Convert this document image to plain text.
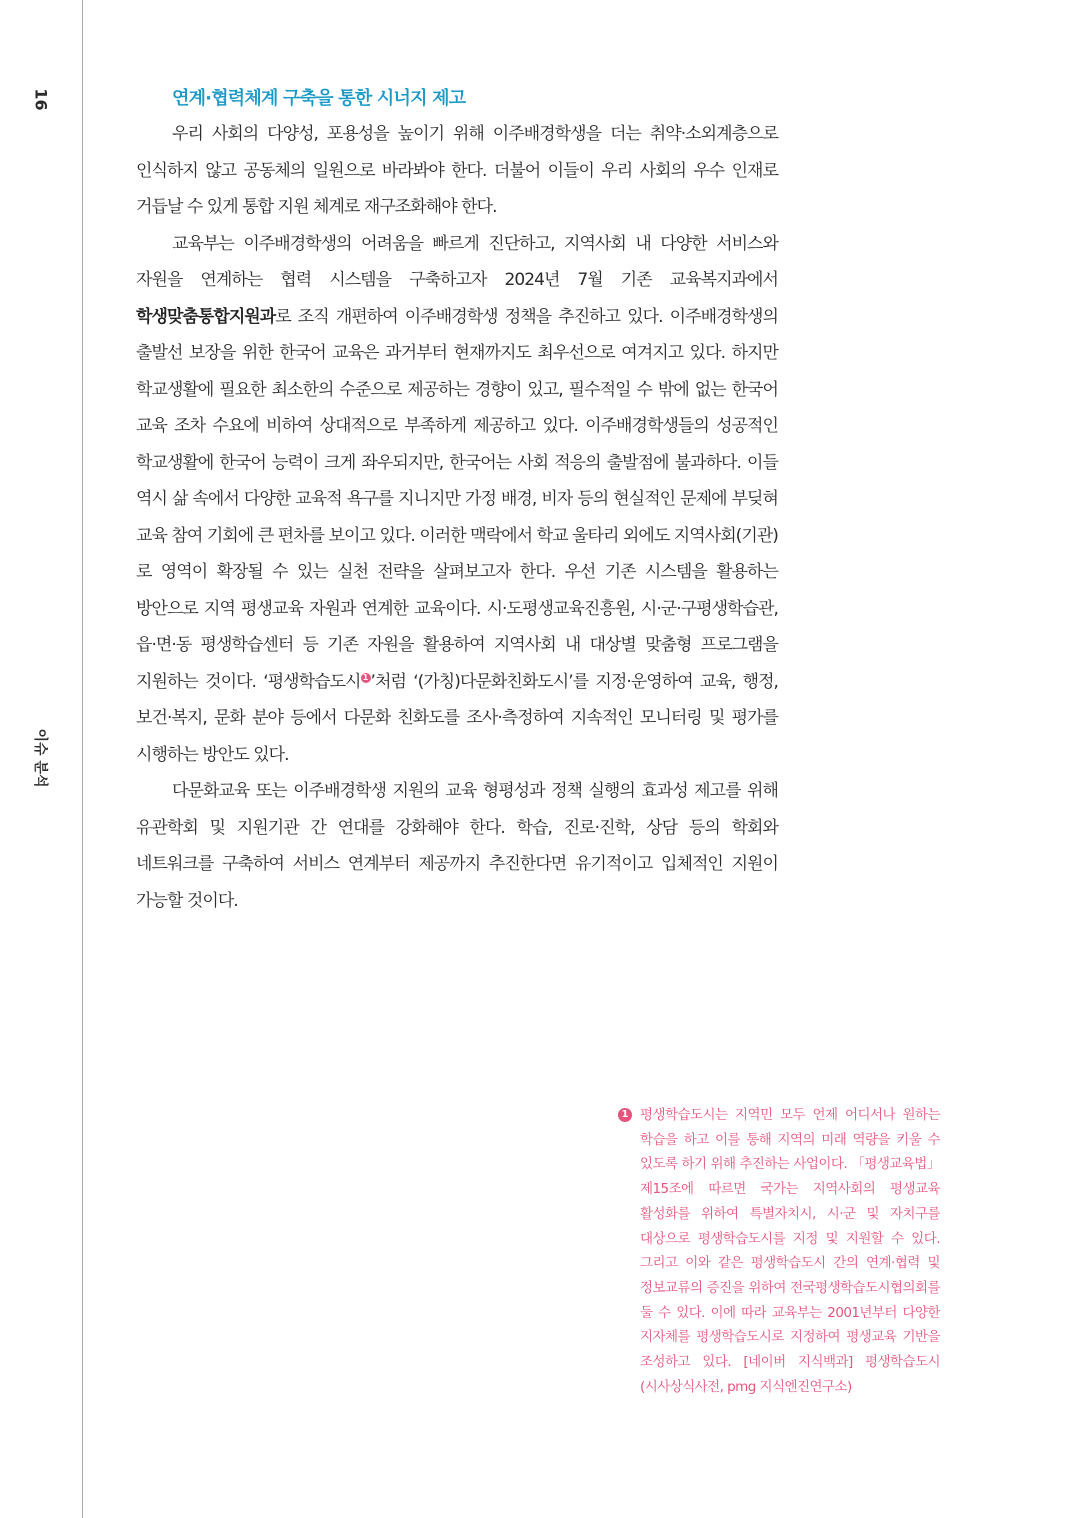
16
이슈 분석
연계·협력체계 구축을 통한 시너지 제고

우리 사회의 다양성, 포용성을 높이기 위해 이주배경학생을 더는 취약·소외계층으로 인식하지 않고 공동체의 일원으로 바라봐야 한다. 더불어 이들이 우리 사회의 우수 인재로 거듭날 수 있게 통합 지원 체계로 재구조화해야 한다.

교육부는 이주배경학생의 어려움을 빠르게 진단하고, 지역사회 내 다양한 서비스와 자원을 연계하는 협력 시스템을 구축하고자 2024년 7월 기존 교육복지과에서 학생맞춤통합지원과로 조직 개편하여 이주배경학생 정책을 추진하고 있다. 이주배경학생의 출발선 보장을 위한 한국어 교육은 과거부터 현재까지도 최우선으로 여겨지고 있다. 하지만 학교생활에 필요한 최소한의 수준으로 제공하는 경향이 있고, 필수적일 수 밖에 없는 한국어 교육 조차 수요에 비하여 상대적으로 부족하게 제공하고 있다. 이주배경학생들의 성공적인 학교생활에 한국어 능력이 크게 좌우되지만, 한국어는 사회 적응의 출발점에 불과하다. 이들 역시 삶 속에서 다양한 교육적 욕구를 지니지만 가정 배경, 비자 등의 현실적인 문제에 부딪혀 교육 참여 기회에 큰 편차를 보이고 있다. 이러한 맥락에서 학교 울타리 외에도 지역사회(기관)로 영역이 확장될 수 있는 실천 전략을 살펴보고자 한다. 우선 기존 시스템을 활용하는 방안으로 지역 평생교육 자원과 연계한 교육이다. 시·도평생교육진흥원, 시·군·구평생학습관, 읍·면·동 평생학습센터 등 기존 자원을 활용하여 지역사회 내 대상별 맞춤형 프로그램을 지원하는 것이다. ‘평생학습도시 1 ’처럼 ‘(가칭)다문화친화도시’를 지정·운영하여 교육, 행정, 보건·복지, 문화 분야 등에서 다문화 친화도를 조사·측정하여 지속적인 모니터링 및 평가를 시행하는 방안도 있다.

다문화교육 또는 이주배경학생 지원의 교육 형평성과 정책 실행의 효과성 제고를 위해 유관학회 및 지원기관 간 연대를 강화해야 한다. 학습, 진로·진학, 상담 등의 학회와 네트워크를 구축하여 서비스 연계부터 제공까지 추진한다면 유기적이고 입체적인 지원이 가능할 것이다.

1 평생학습도시는 지역민 모두 언제 어디서나 원하는 학습을 하고 이를 통해 지역의 미래 역량을 키울 수 있도록 하기 위해 추진하는 사업이다. 「평생교육법」 제15조에 따르면 국가는 지역사회의 평생교육 활성화를 위하여 특별자치시, 시·군 및 자치구를 대상으로 평생학습도시를 지정 및 지원할 수 있다. 그리고 이와 같은 평생학습도시 간의 연계·협력 및 정보교류의 증진을 위하여 전국평생학습도시협의회를 둘 수 있다. 이에 따라 교육부는 2001년부터 다양한 지자체를 평생학습도시로 지정하여 평생교육 기반을 조성하고 있다. [네이버 지식백과] 평생학습도시 (시사상식사전, pmg 지식엔진연구소)
